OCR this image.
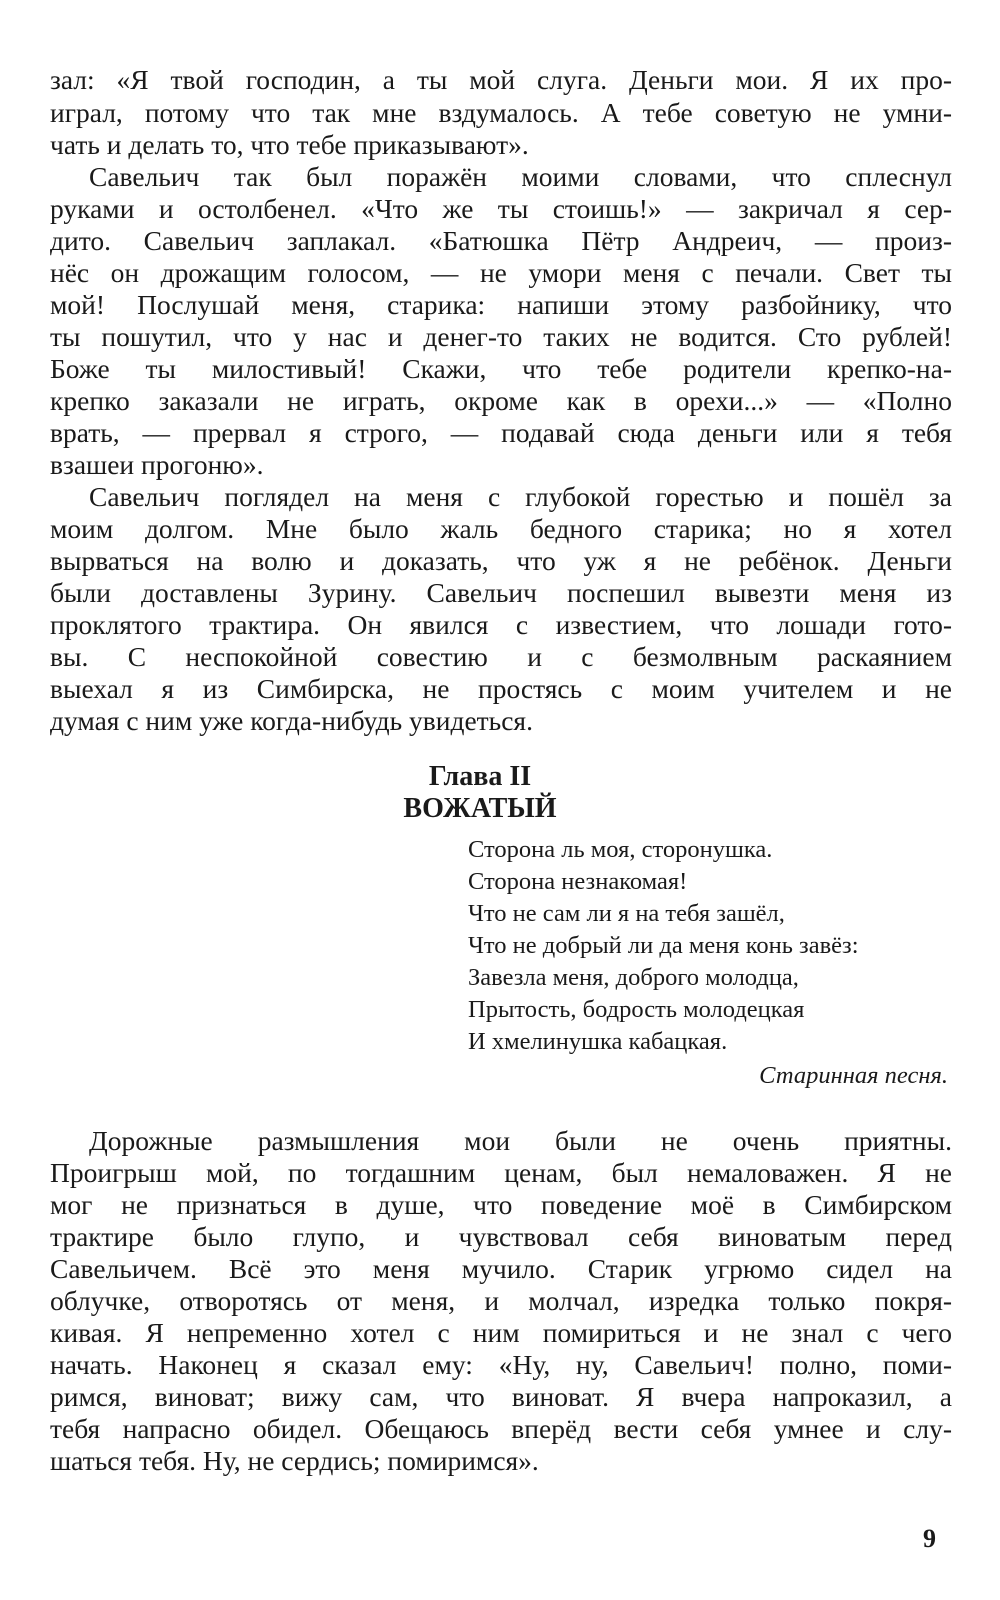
зал: «Я твой господин, а ты мой слуга. Деньги мои. Я их про-
играл, потому что так мне вздумалось. А тебе советую не умни-
чать и делать то, что тебе приказывают».
Савельич так был поражён моими словами, что сплеснул
руками и остолбенел. «Что же ты стоишь!» — закричал я сер-
дито. Савельич заплакал. «Батюшка Пётр Андреич, — произ-
нёс он дрожащим голосом, — не умори меня с печали. Свет ты
мой! Послушай меня, старика: напиши этому разбойнику, что
ты пошутил, что у нас и денег-то таких не водится. Сто рублей!
Боже ты милостивый! Скажи, что тебе родители крепко-на-
крепко заказали не играть, окроме как в орехи...» — «Полно
врать, — прервал я строго, — подавай сюда деньги или я тебя
взашеи прогоню».
Савельич поглядел на меня с глубокой горестью и пошёл за
моим долгом. Мне было жаль бедного старика; но я хотел
вырваться на волю и доказать, что уж я не ребёнок. Деньги
были доставлены Зурину. Савельич поспешил вывезти меня из
проклятого трактира. Он явился с известием, что лошади гото-
вы. С неспокойной совестию и с безмолвным раскаянием
выехал я из Симбирска, не простясь с моим учителем и не
думая с ним уже когда-нибудь увидеться.
Глава II
ВОЖАТЫЙ
Сторона ль моя, сторонушка.
Сторона незнакомая!
Что не сам ли я на тебя зашёл,
Что не добрый ли да меня конь завёз:
Завезла меня, доброго молодца,
Прытость, бодрость молодецкая
И хмелинушка кабацкая.
Старинная песня.
Дорожные размышления мои были не очень приятны.
Проигрыш мой, по тогдашним ценам, был немаловажен. Я не
мог не признаться в душе, что поведение моё в Симбирском
трактире было глупо, и чувствовал себя виноватым перед
Савельичем. Всё это меня мучило. Старик угрюмо сидел на
облучке, отворотясь от меня, и молчал, изредка только покря-
кивая. Я непременно хотел с ним помириться и не знал с чего
начать. Наконец я сказал ему: «Ну, ну, Савельич! полно, поми-
римся, виноват; вижу сам, что виноват. Я вчера напроказил, а
тебя напрасно обидел. Обещаюсь вперёд вести себя умнее и слу-
шаться тебя. Ну, не сердись; помиримся».
9
